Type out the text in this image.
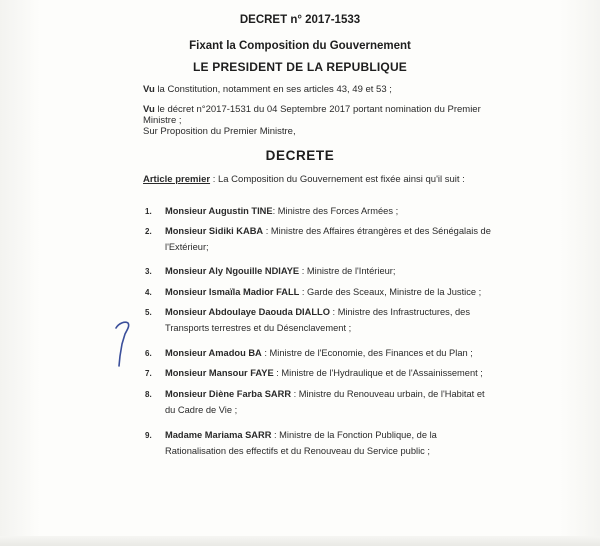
DECRET n° 2017-1533
Fixant la Composition du Gouvernement
LE PRESIDENT DE LA REPUBLIQUE
Vu la Constitution, notamment en ses articles 43, 49 et 53 ;
Vu le décret n°2017-1531 du 04 Septembre 2017 portant nomination du Premier
Ministre ;
Sur Proposition du Premier Ministre,
DECRETE
Article premier : La Composition du Gouvernement est fixée ainsi qu'il suit :
1. Monsieur Augustin TINE: Ministre des Forces Armées ;
2. Monsieur Sidiki KABA : Ministre des Affaires étrangères et des Sénégalais de
l'Extérieur;
3. Monsieur Aly Ngouille NDIAYE : Ministre de l'Intérieur;
4. Monsieur Ismaïla Madior FALL : Garde des Sceaux, Ministre de la Justice ;
5. Monsieur Abdoulaye Daouda DIALLO : Ministre des Infrastructures, des
Transports terrestres et du Désenclavement ;
6. Monsieur Amadou BA : Ministre de l'Economie, des Finances et du Plan ;
7. Monsieur Mansour FAYE : Ministre de l'Hydraulique et de l'Assainissement ;
8. Monsieur Diène Farba SARR : Ministre du Renouveau urbain, de l'Habitat et
du Cadre de Vie ;
9. Madame Mariama SARR : Ministre de la Fonction Publique, de la
Rationalisation des effectifs et du Renouveau du Service public ;
